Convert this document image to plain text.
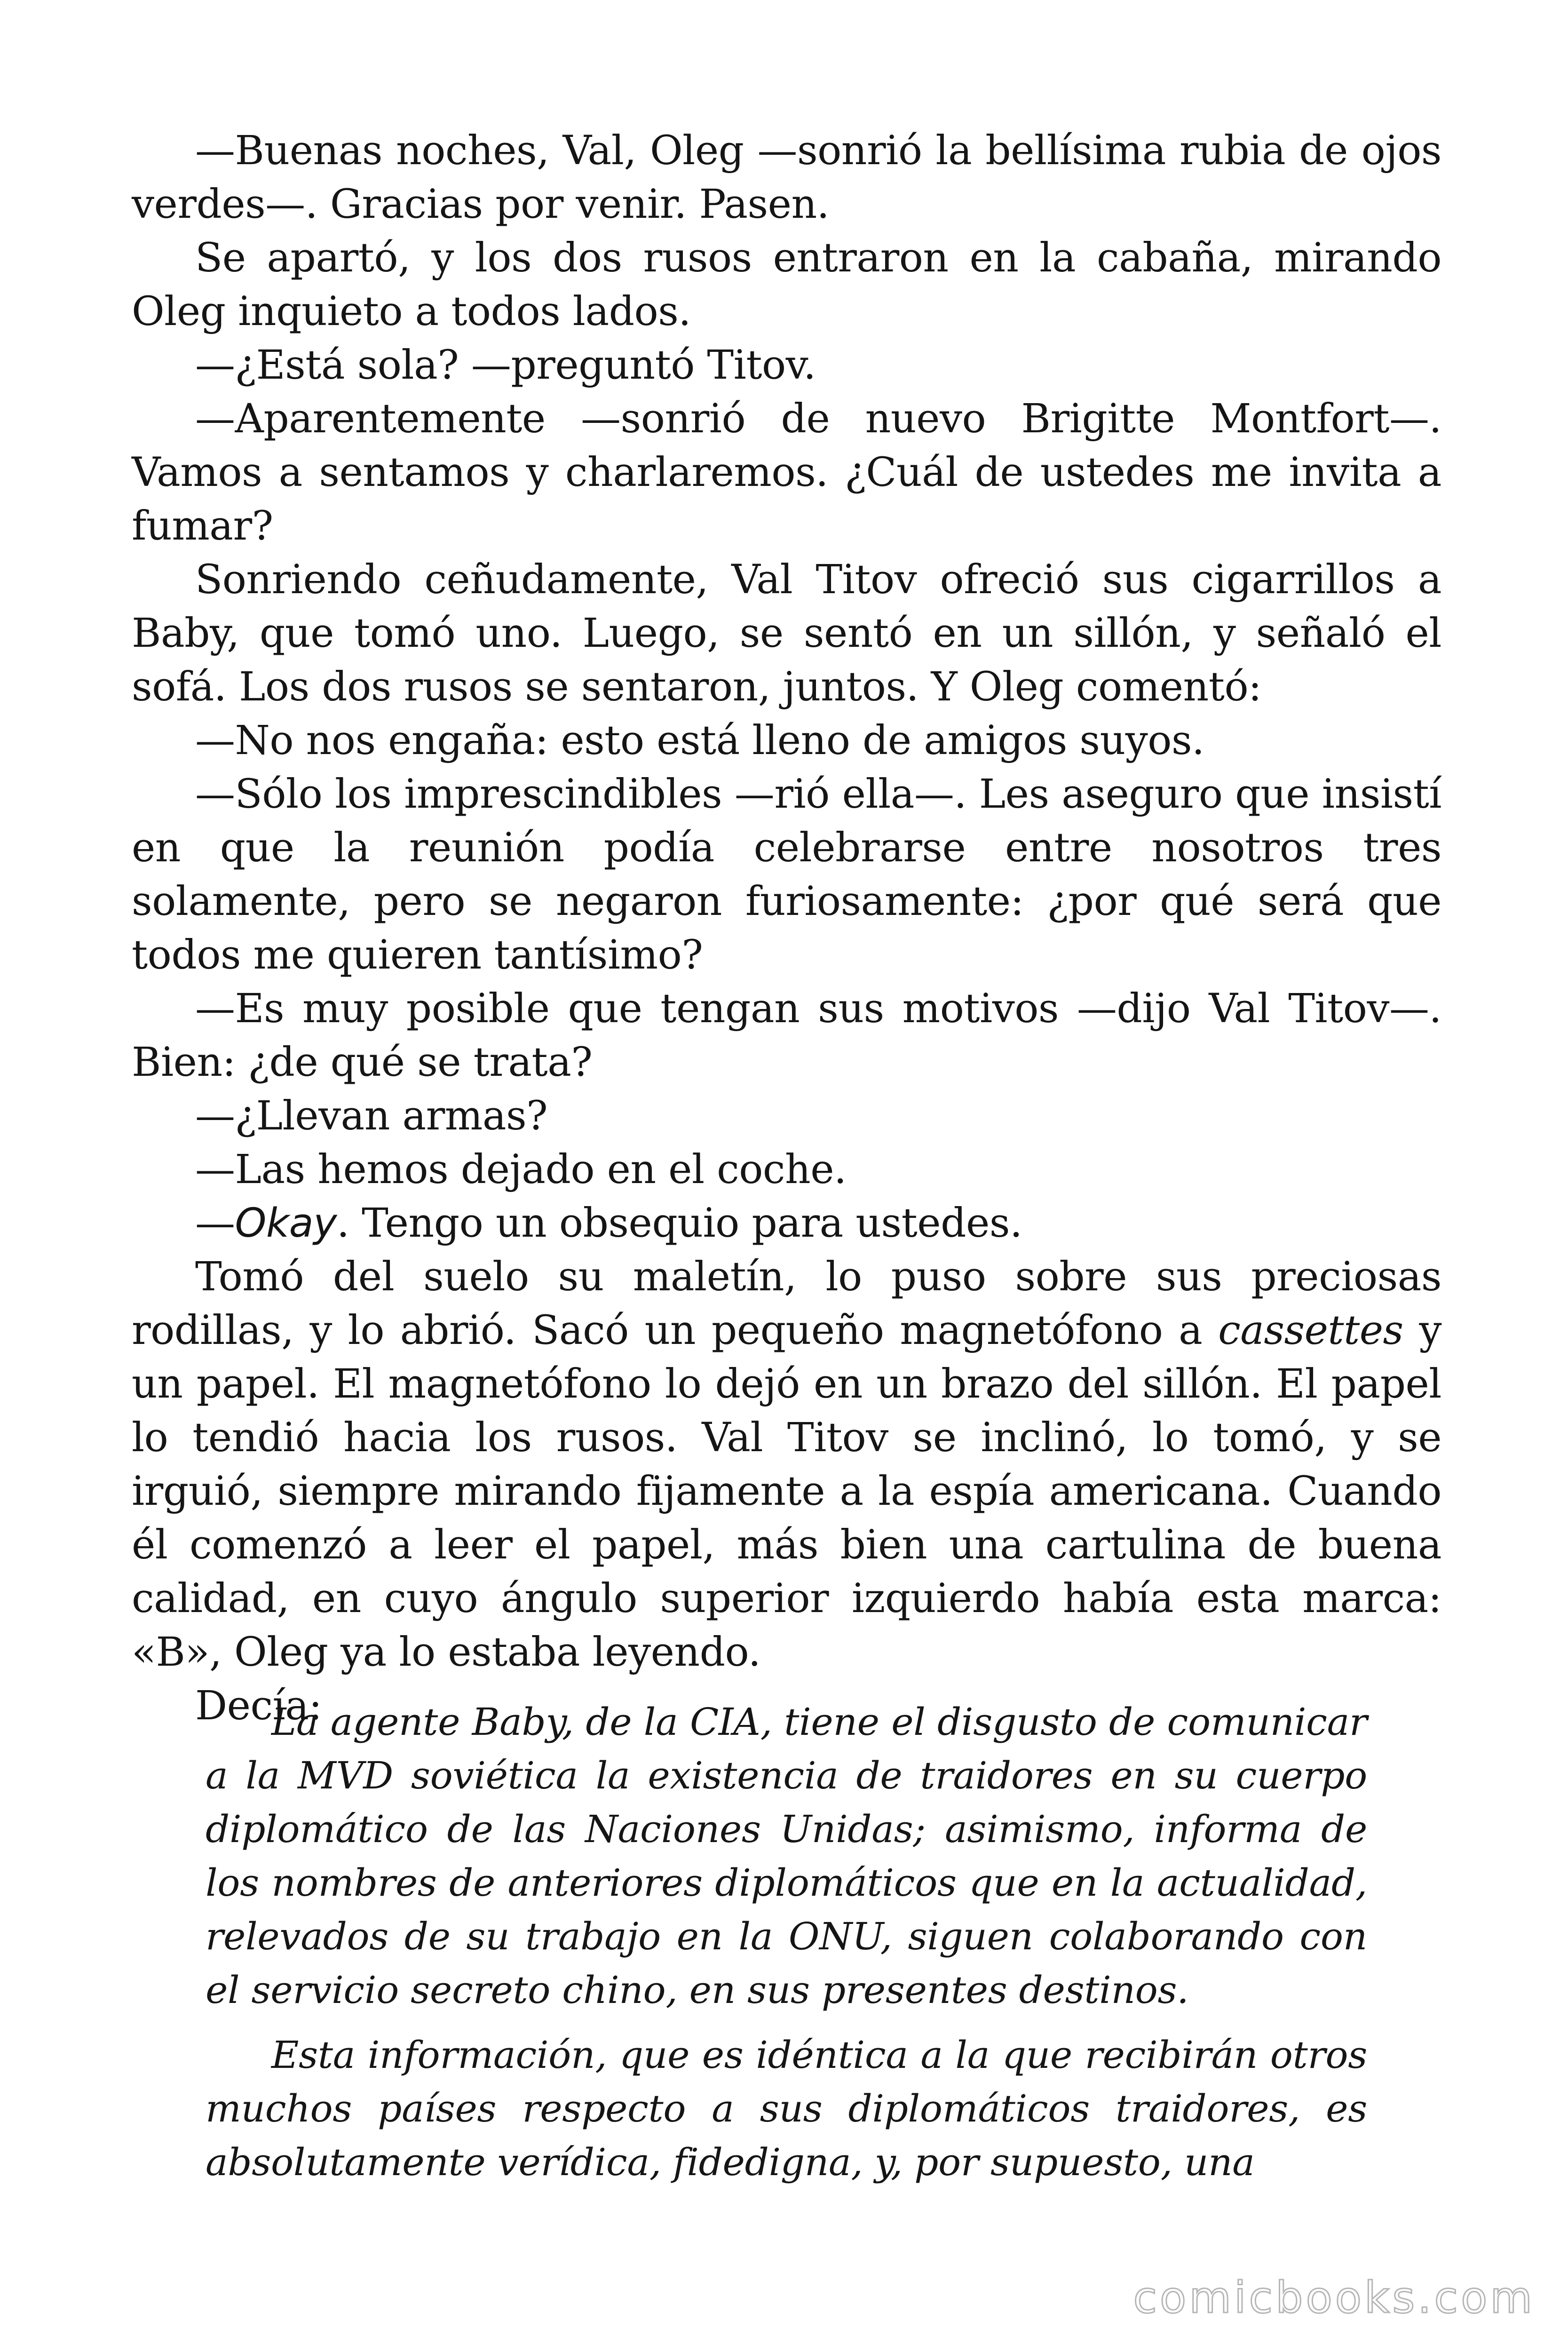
—Buenas noches, Val, Oleg —sonrió la bellísima rubia de ojos verdes—. Gracias por venir. Pasen.

Se apartó, y los dos rusos entraron en la cabaña, mirando Oleg inquieto a todos lados.

—¿Está sola? —preguntó Titov.

—Aparentemente —sonrió de nuevo Brigitte Montfort—. Vamos a sentamos y charlaremos. ¿Cuál de ustedes me invita a fumar?

Sonriendo ceñudamente, Val Titov ofreció sus cigarrillos a Baby, que tomó uno. Luego, se sentó en un sillón, y señaló el sofá. Los dos rusos se sentaron, juntos. Y Oleg comentó:

—No nos engaña: esto está lleno de amigos suyos.

—Sólo los imprescindibles —rió ella—. Les aseguro que insistí en que la reunión podía celebrarse entre nosotros tres solamente, pero se negaron furiosamente: ¿por qué será que todos me quieren tantísimo?

—Es muy posible que tengan sus motivos —dijo Val Titov—. Bien: ¿de qué se trata?

—¿Llevan armas?

—Las hemos dejado en el coche.

—Okay. Tengo un obsequio para ustedes.

Tomó del suelo su maletín, lo puso sobre sus preciosas rodillas, y lo abrió. Sacó un pequeño magnetófono a cassettes y un papel. El magnetófono lo dejó en un brazo del sillón. El papel lo tendió hacia los rusos. Val Titov se inclinó, lo tomó, y se irguió, siempre mirando fijamente a la espía americana. Cuando él comenzó a leer el papel, más bien una cartulina de buena calidad, en cuyo ángulo superior izquierdo había esta marca: «B», Oleg ya lo estaba leyendo.

Decía:

La agente Baby, de la CIA, tiene el disgusto de comunicar a la MVD soviética la existencia de traidores en su cuerpo diplomático de las Naciones Unidas; asimismo, informa de los nombres de anteriores diplomáticos que en la actualidad, relevados de su trabajo en la ONU, siguen colaborando con el servicio secreto chino, en sus presentes destinos.

Esta información, que es idéntica a la que recibirán otros muchos países respecto a sus diplomáticos traidores, es absolutamente verídica, fidedigna, y, por supuesto, una

comicbooks.com
